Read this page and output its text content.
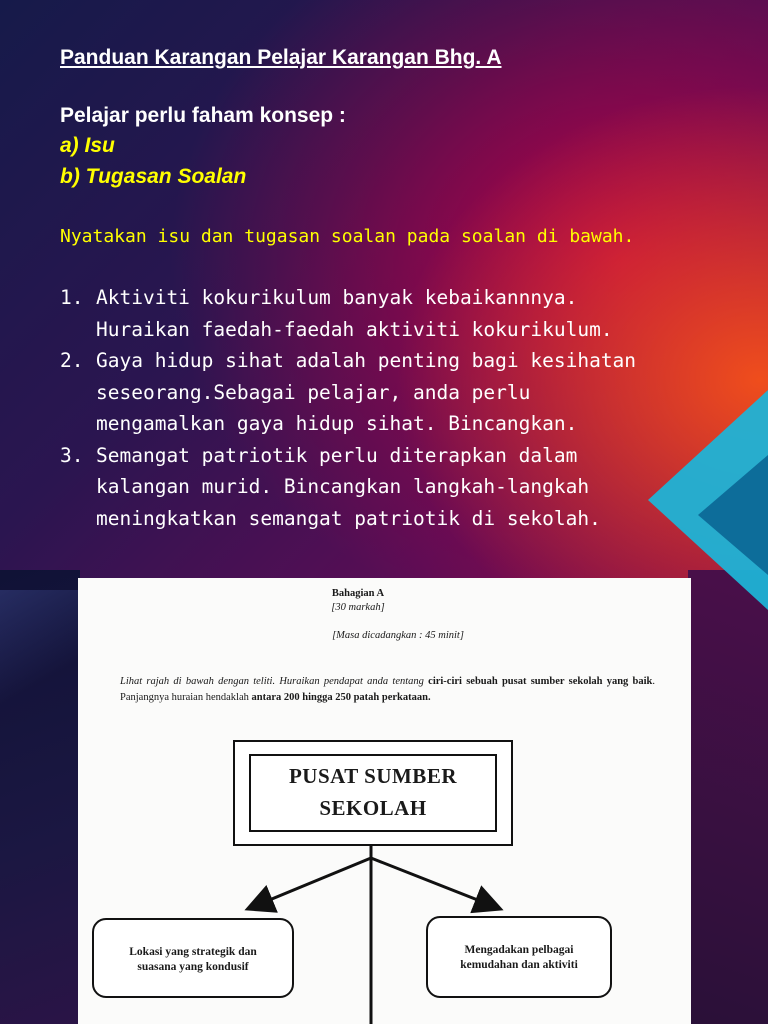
Panduan Karangan Pelajar Karangan Bhg. A
Pelajar perlu faham konsep :
a) Isu
b) Tugasan Soalan
Nyatakan isu dan tugasan soalan pada soalan di bawah.
1. Aktiviti kokurikulum banyak kebaikannnya.
Huraikan faedah-faedah aktiviti kokurikulum.
2. Gaya hidup sihat adalah penting bagi kesihatan
seseorang.Sebagai pelajar, anda perlu
mengamalkan gaya hidup sihat. Bincangkan.
3. Semangat patriotik perlu diterapkan dalam
kalangan murid. Bincangkan langkah-langkah
meningkatkan semangat patriotik di sekolah.
Bahagian A
[30 markah]
[Masa dicadangkan : 45 minit]
Lihat rajah di bawah dengan teliti. Huraikan pendapat anda tentang ciri-ciri sebuah pusat sumber sekolah yang baik. Panjangnya huraian hendaklah antara 200 hingga 250 patah perkataan.
PUSAT SUMBER
SEKOLAH
Lokasi yang strategik dan
suasana yang kondusif
Mengadakan pelbagai
kemudahan dan aktiviti
